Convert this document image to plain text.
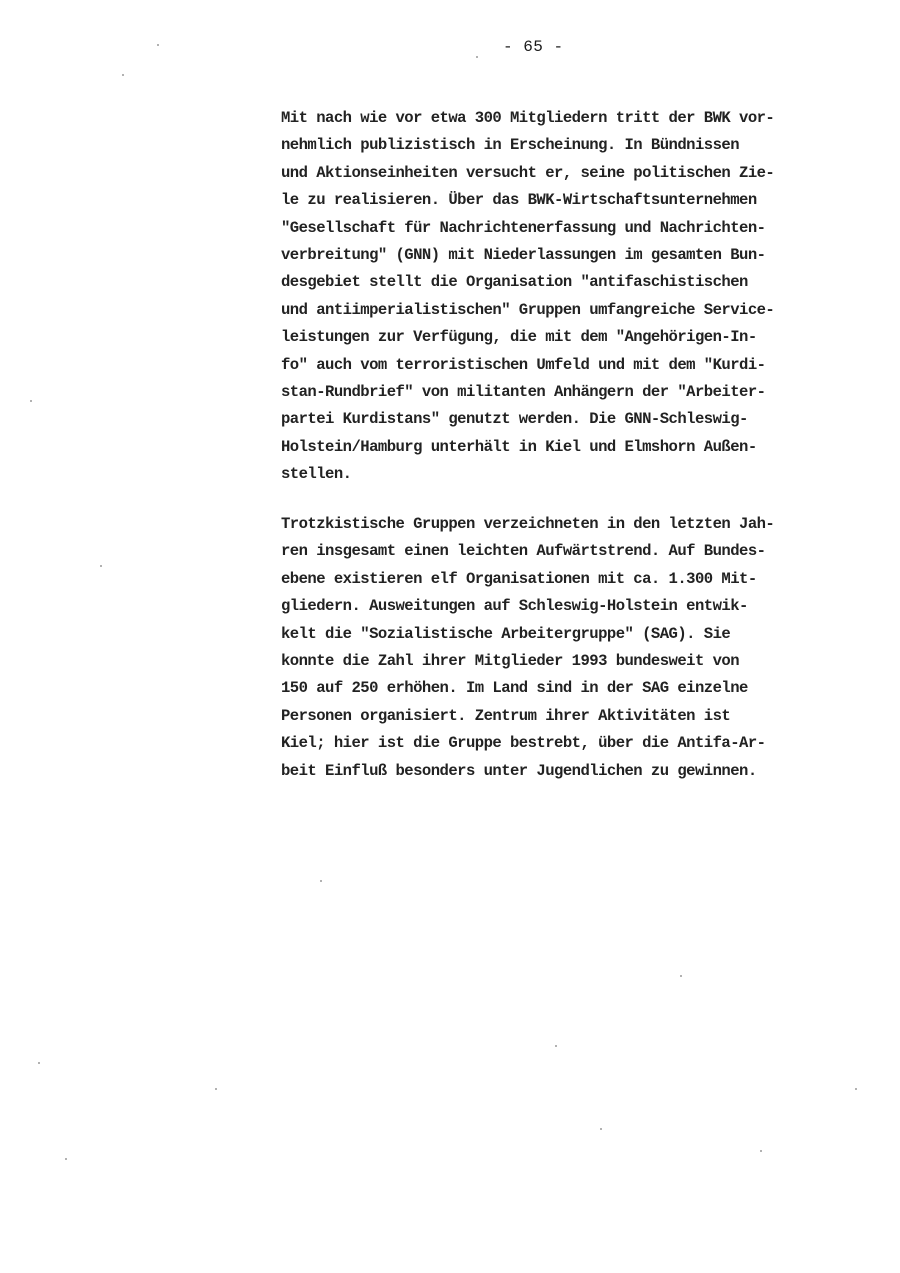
- 65 -
Mit nach wie vor etwa 300 Mitgliedern tritt der BWK vor-
nehmlich publizistisch in Erscheinung. In Bündnissen
und Aktionseinheiten versucht er, seine politischen Zie-
le zu realisieren. Über das BWK-Wirtschaftsunternehmen
"Gesellschaft für Nachrichtenerfassung und Nachrichten-
verbreitung" (GNN) mit Niederlassungen im gesamten Bun-
desgebiet stellt die Organisation "antifaschistischen
und antiimperialistischen" Gruppen umfangreiche Service-
leistungen zur Verfügung, die mit dem "Angehörigen-In-
fo" auch vom terroristischen Umfeld und mit dem "Kurdi-
stan-Rundbrief" von militanten Anhängern der "Arbeiter-
partei Kurdistans" genutzt werden. Die GNN-Schleswig-
Holstein/Hamburg unterhält in Kiel und Elmshorn Außen-
stellen.
Trotzkistische Gruppen verzeichneten in den letzten Jah-
ren insgesamt einen leichten Aufwärtstrend. Auf Bundes-
ebene existieren elf Organisationen mit ca. 1.300 Mit-
gliedern. Ausweitungen auf Schleswig-Holstein entwik-
kelt die "Sozialistische Arbeitergruppe" (SAG). Sie
konnte die Zahl ihrer Mitglieder 1993 bundesweit von
150 auf 250 erhöhen. Im Land sind in der SAG einzelne
Personen organisiert. Zentrum ihrer Aktivitäten ist
Kiel; hier ist die Gruppe bestrebt, über die Antifa-Ar-
beit Einfluß besonders unter Jugendlichen zu gewinnen.
